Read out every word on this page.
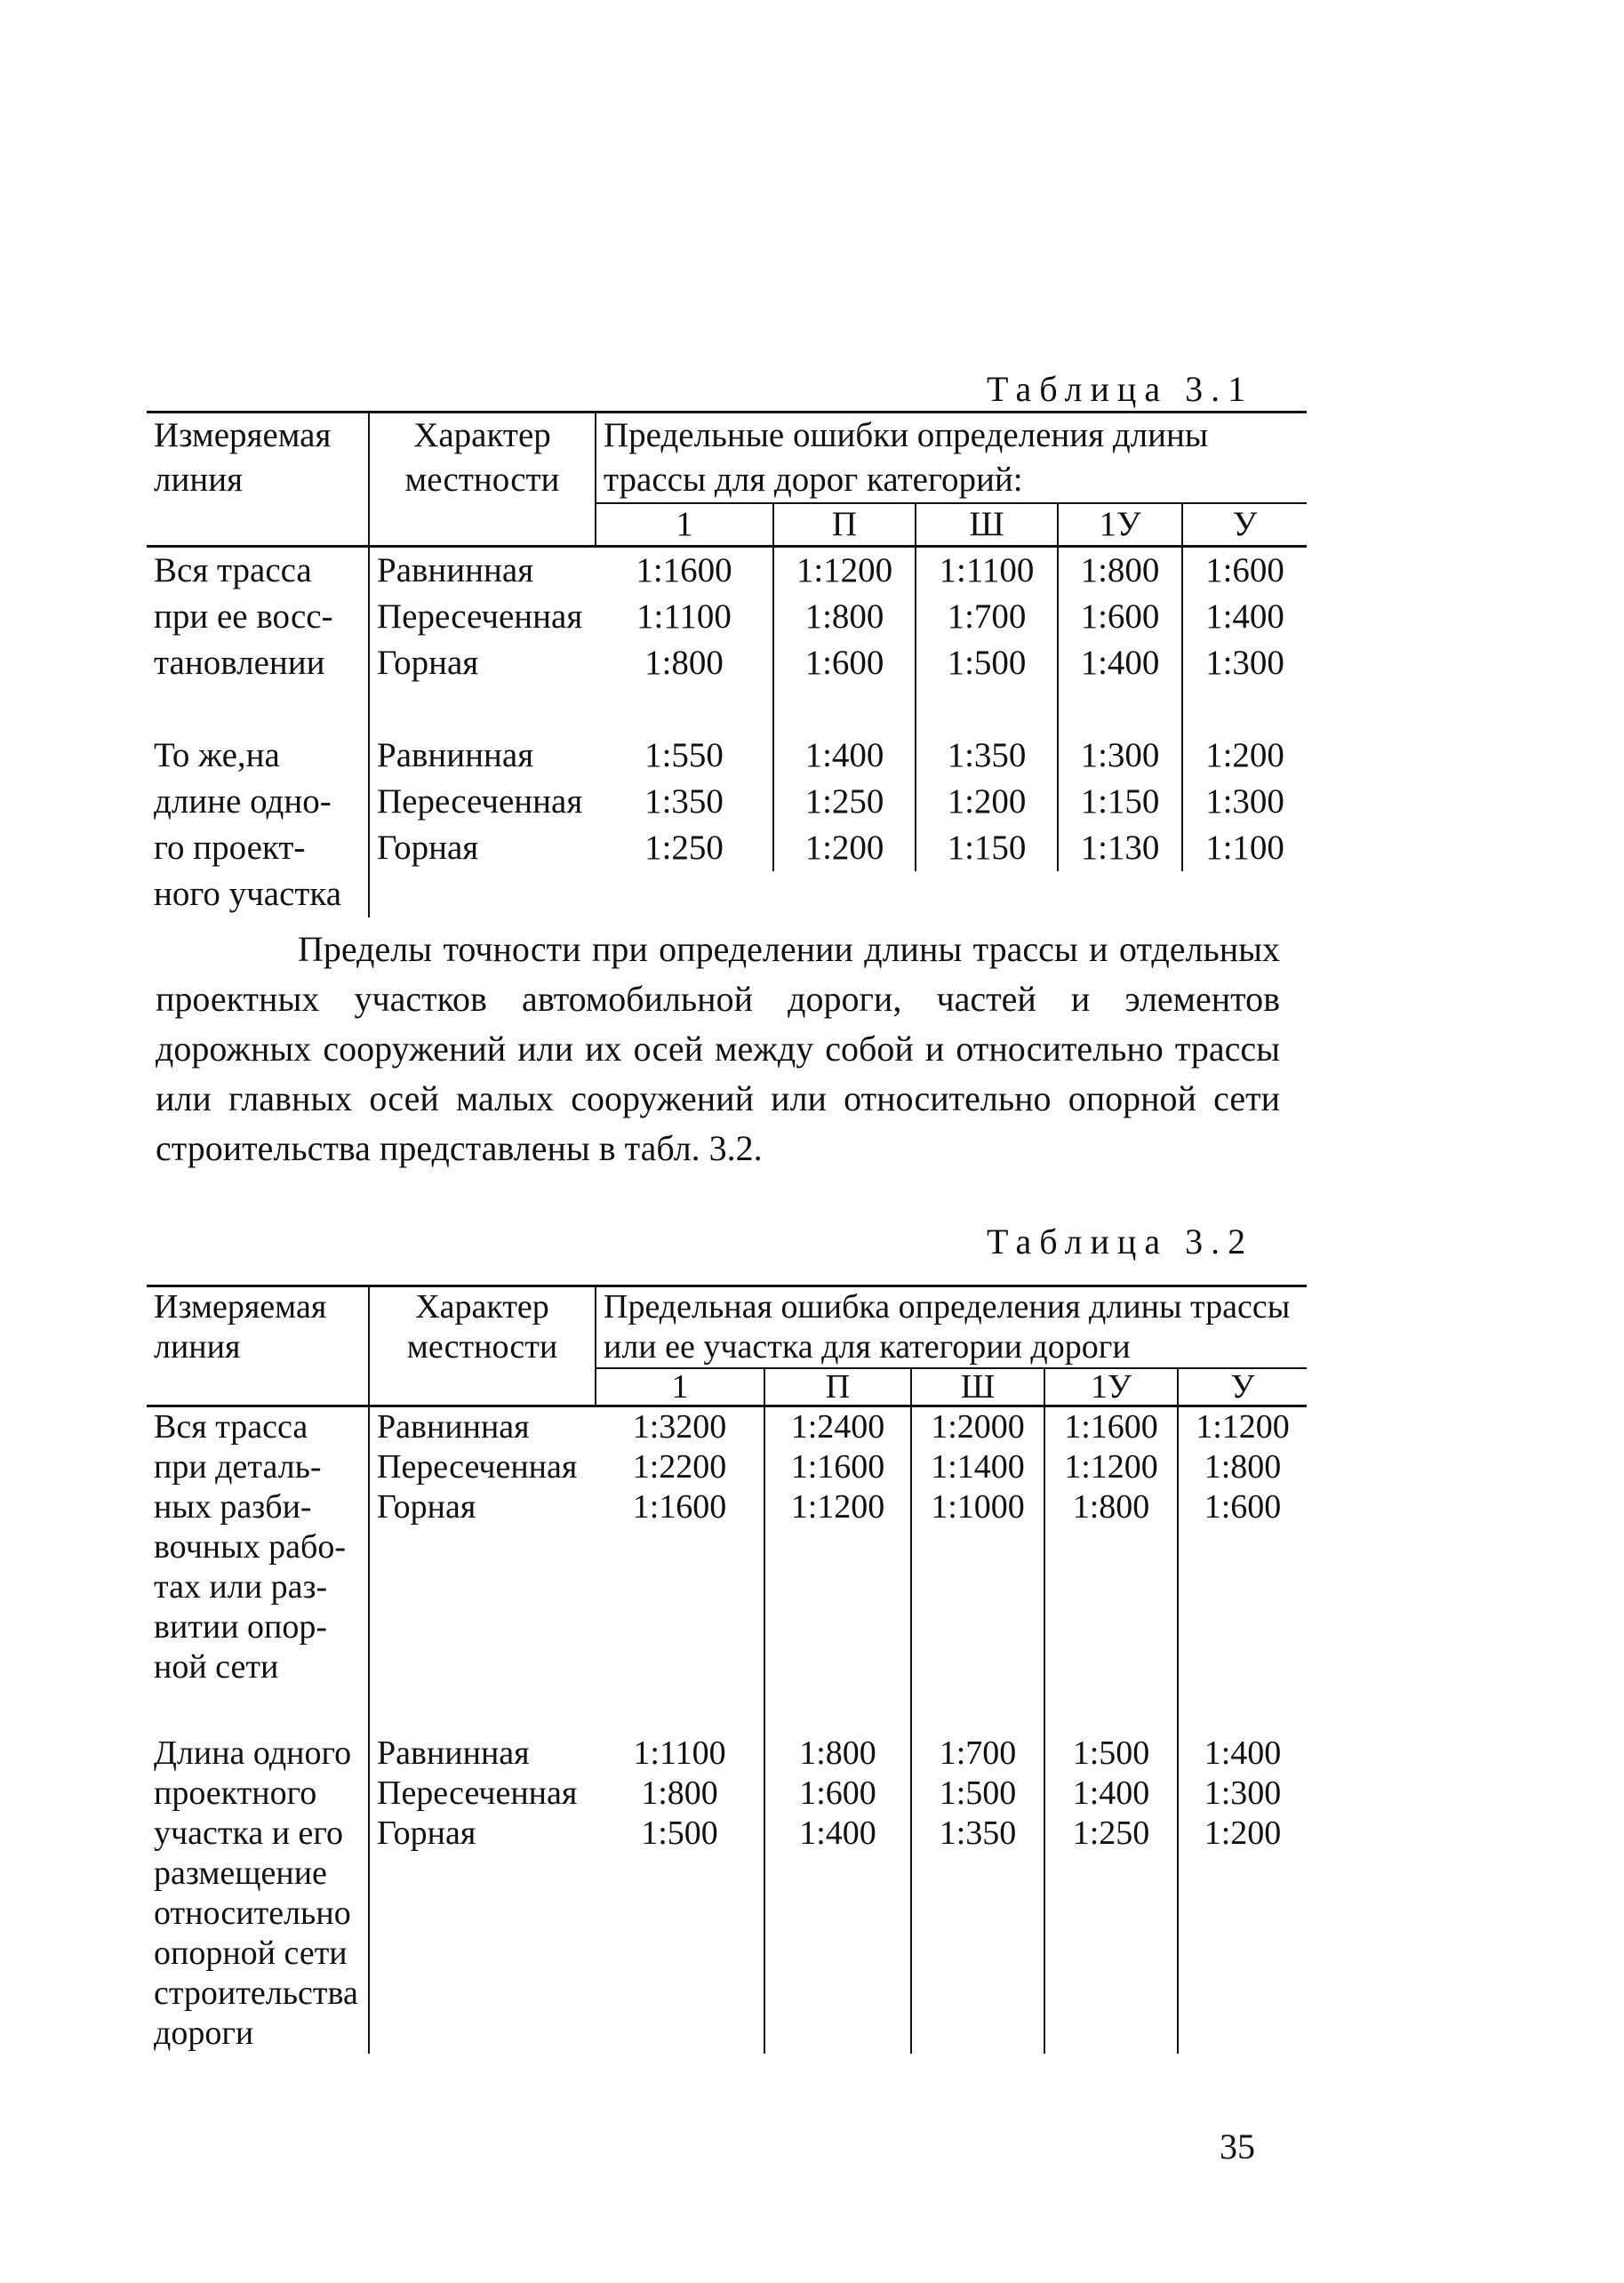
Таблица 3.1
Измеряемая линия	Характер местности	Предельные ошибки определения длины трассы для дорог категорий:				
		1	П	Ш	1У	У
Вся трасса	Равнинная	1:1600	1:1200	1:1100	1:800	1:600
при ее восс-	Пересеченная	1:1100	1:800	1:700	1:600	1:400
тановлении	Горная	1:800	1:600	1:500	1:400	1:300

То же,на	Равнинная	1:550	1:400	1:350	1:300	1:200
длине одно-	Пересеченная	1:350	1:250	1:200	1:150	1:300
го проект-	Горная	1:250	1:200	1:150	1:130	1:100
ного участка						
Пределы точности при определении длины трассы и отдельных проектных участков автомобильной дороги, частей и элементов дорожных сооружений или их осей между собой и относительно трассы или главных осей малых сооружений или относительно опорной сети строительства представлены в табл. 3.2.
Таблица 3.2
Измеряемая линия	Характер местности	Предельная ошибка определения длины трассы или ее участка для категории дороги				
		1	П	Ш	1У	У
Вся трасса	Равнинная	1:3200	1:2400	1:2000	1:1600	1:1200
при деталь-	Пересеченная	1:2200	1:1600	1:1400	1:1200	1:800
ных разби-	Горная	1:1600	1:1200	1:1000	1:800	1:600
вочных рабо-						
тах или раз-						
витии опор-						
ной сети						

Длина одного	Равнинная	1:1100	1:800	1:700	1:500	1:400
проектного	Пересеченная	1:800	1:600	1:500	1:400	1:300
участка и его	Горная	1:500	1:400	1:350	1:250	1:200
размещение						
относительно						
опорной сети						
строительства						
дороги						
35
